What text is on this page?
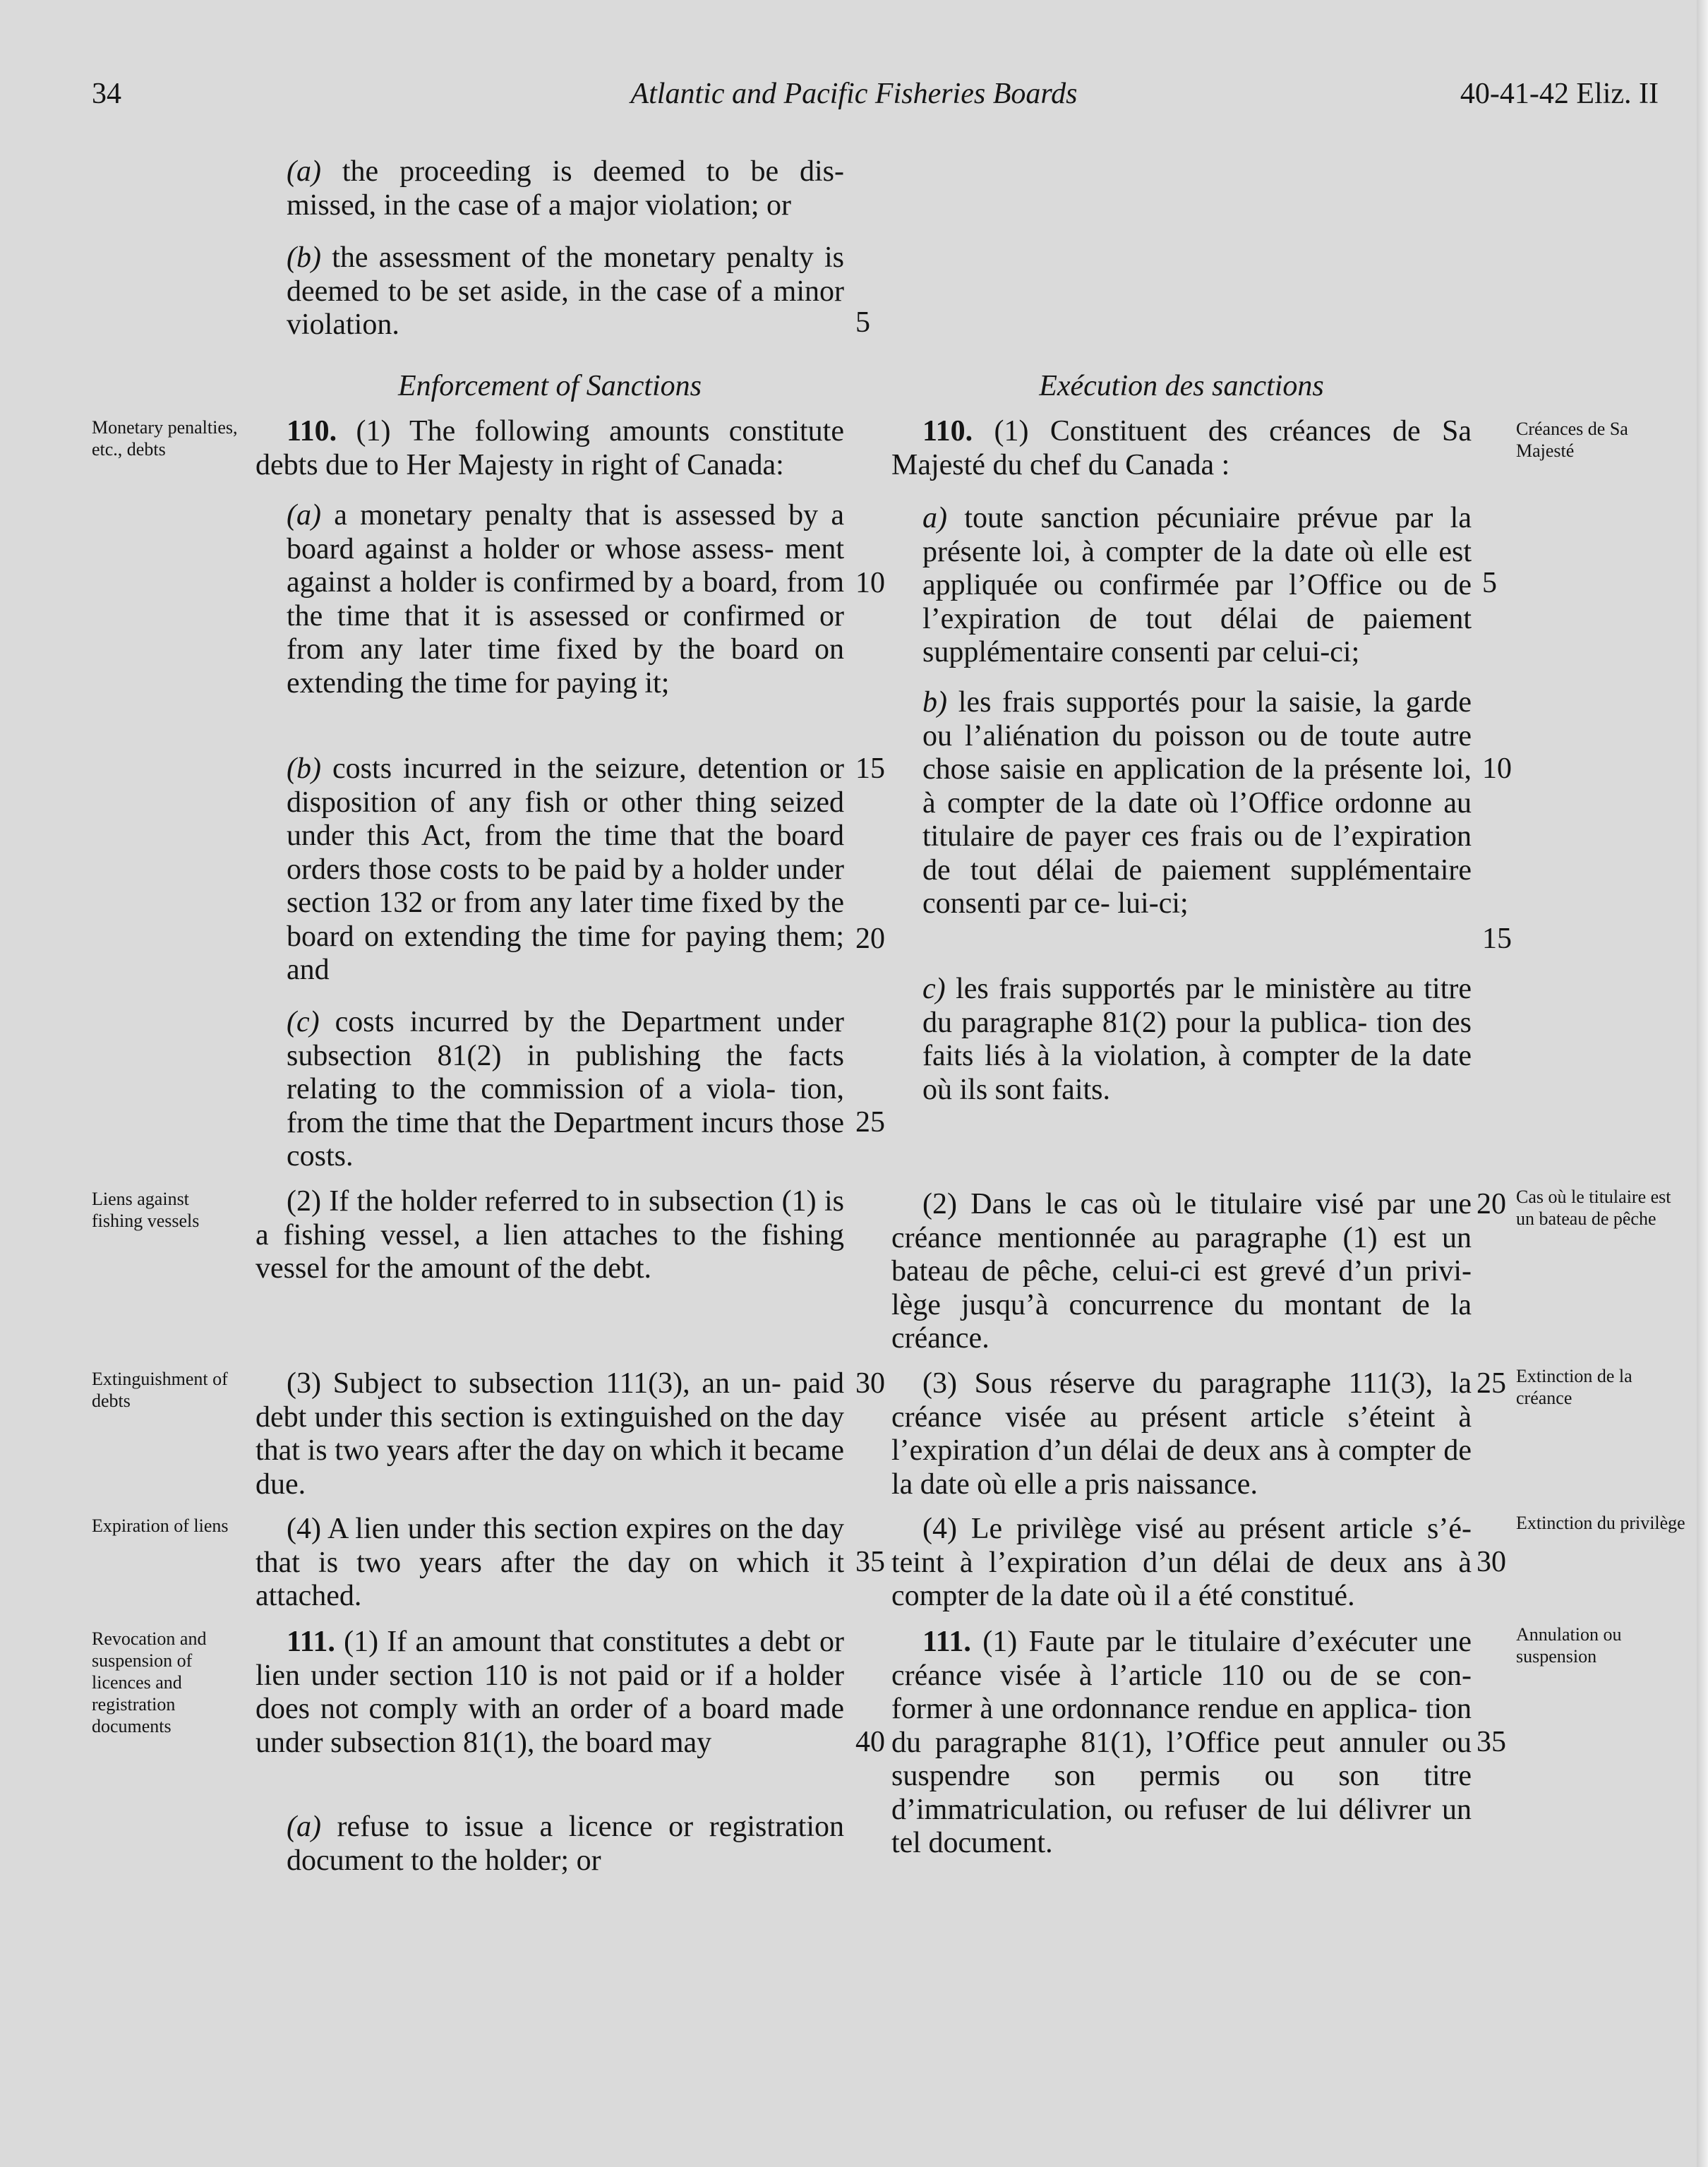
34	Atlantic and Pacific Fisheries Boards	40-41-42 Eliz. II

(a) the proceeding is deemed to be dis- missed, in the case of a major violation; or

(b) the assessment of the monetary penalty is deemed to be set aside, in the case of a minor violation.

Enforcement of Sanctions

110. (1) The following amounts constitute debts due to Her Majesty in right of Canada:

(a) a monetary penalty that is assessed by a board against a holder or whose assess- ment against a holder is confirmed by a board, from the time that it is assessed or confirmed or from any later time fixed by the board on extending the time for paying it;

(b) costs incurred in the seizure, detention or disposition of any fish or other thing seized under this Act, from the time that the board orders those costs to be paid by a holder under section 132 or from any later time fixed by the board on extending the time for paying them; and

(c) costs incurred by the Department under subsection 81(2) in publishing the facts relating to the commission of a viola- tion, from the time that the Department incurs those costs.

(2) If the holder referred to in subsection (1) is a fishing vessel, a lien attaches to the fishing vessel for the amount of the debt.

(3) Subject to subsection 111(3), an un- paid debt under this section is extinguished on the day that is two years after the day on which it became due.

(4) A lien under this section expires on the day that is two years after the day on which it attached.

111. (1) If an amount that constitutes a debt or lien under section 110 is not paid or if a holder does not comply with an order of a board made under subsection 81(1), the board may

(a) refuse to issue a licence or registration document to the holder; or

Exécution des sanctions

110. (1) Constituent des créances de Sa Majesté du chef du Canada :

a) toute sanction pécuniaire prévue par la présente loi, à compter de la date où elle est appliquée ou confirmée par l’Office ou de l’expiration de tout délai de paiement supplémentaire consenti par celui-ci;

b) les frais supportés pour la saisie, la garde ou l’aliénation du poisson ou de toute autre chose saisie en application de la présente loi, à compter de la date où l’Office ordonne au titulaire de payer ces frais ou de l’expiration de tout délai de paiement supplémentaire consenti par ce- lui-ci;

c) les frais supportés par le ministère au titre du paragraphe 81(2) pour la publica- tion des faits liés à la violation, à compter de la date où ils sont faits.

(2) Dans le cas où le titulaire visé par une créance mentionnée au paragraphe (1) est un bateau de pêche, celui-ci est grevé d’un privi- lège jusqu’à concurrence du montant de la créance.

(3) Sous réserve du paragraphe 111(3), la créance visée au présent article s’éteint à l’expiration d’un délai de deux ans à compter de la date où elle a pris naissance.

(4) Le privilège visé au présent article s’é- teint à l’expiration d’un délai de deux ans à compter de la date où il a été constitué.

111. (1) Faute par le titulaire d’exécuter une créance visée à l’article 110 ou de se con- former à une ordonnance rendue en applica- tion du paragraphe 81(1), l’Office peut annuler ou suspendre son permis ou son titre d’immatriculation, ou refuser de lui délivrer un tel document.

Monetary penalties, etc., debts
Liens against fishing vessels
Extinguishment of debts
Expiration of liens
Revocation and suspension of licences and registration documents
Créances de Sa Majesté
Cas où le titulaire est un bateau de pêche
Extinction de la créance
Extinction du privilège
Annulation ou suspension
5
10
15
20
25
30
35
40
5
10
15
20
25
30
35
